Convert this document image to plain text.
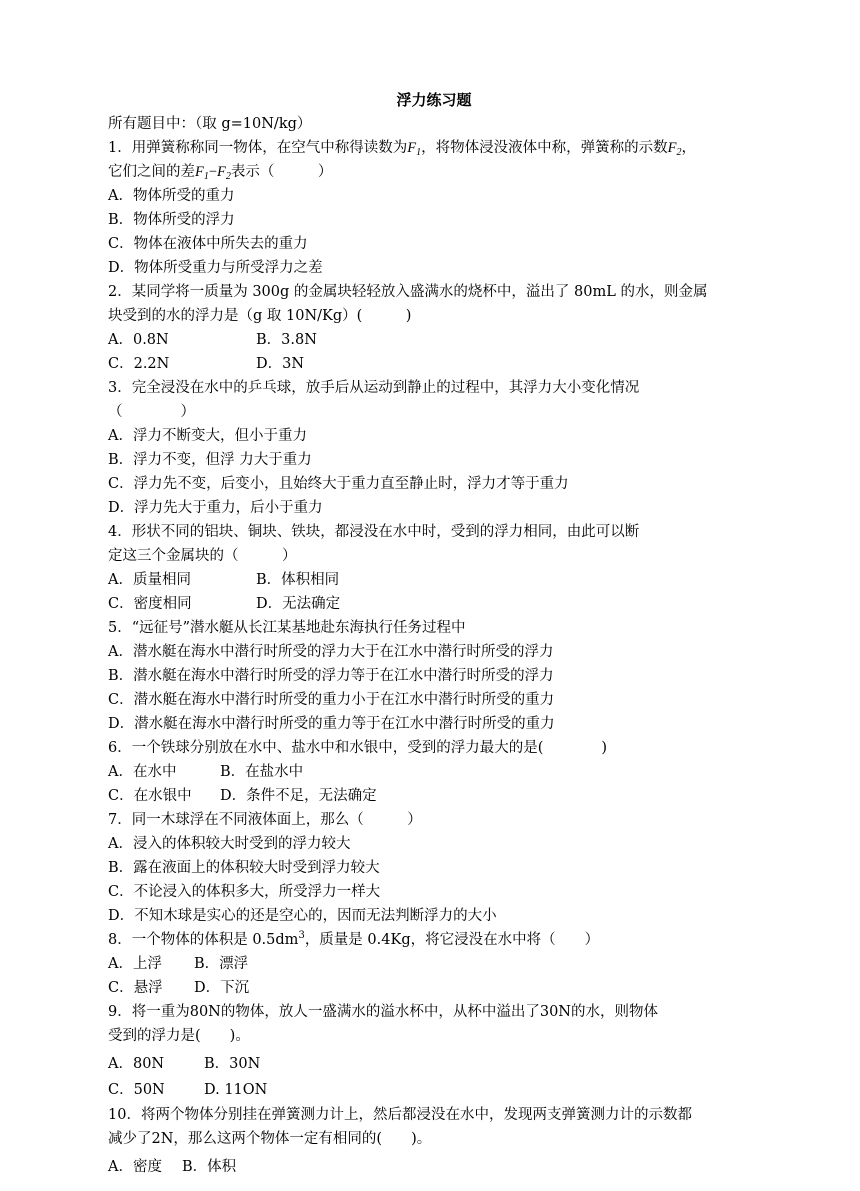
浮力练习题
所有题目中：（取 g=10N/kg）
1．用弹簧称称同一物体，在空气中称得读数为$F_1$，将物体浸没液体中称，弹簧称的示数$F_2$，
它们之间的差$F_1-F_2$表示（　　　）
A．物体所受的重力
B．物体所受的浮力
C．物体在液体中所失去的重力
D．物体所受重力与所受浮力之差
2．某同学将一质量为 300g 的金属块轻轻放入盛满水的烧杯中，溢出了 80mL 的水，则金属
块受到的水的浮力是（g 取 10N/Kg）(　　　)
A．0.8N	B．3.8N
C．2.2N	D．3N
3．完全浸没在水中的乒乓球，放手后从运动到静止的过程中，其浮力大小变化情况
（　　　　）
A．浮力不断变大，但小于重力
B．浮力不变，但浮 力大于重力
C．浮力先不变，后变小，且始终大于重力直至静止时，浮力才等于重力
D．浮力先大于重力，后小于重力
4．形状不同的铝块、铜块、铁块，都浸没在水中时，受到的浮力相同，由此可以断
定这三个金属块的（　　　）
A．质量相同	B．体积相同
C．密度相同	D．无法确定
5．“远征号”潜水艇从长江某基地赴东海执行任务过程中
A．潜水艇在海水中潜行时所受的浮力大于在江水中潜行时所受的浮力
B．潜水艇在海水中潜行时所受的浮力等于在江水中潜行时所受的浮力
C．潜水艇在海水中潜行时所受的重力小于在江水中潜行时所受的重力
D．潜水艇在海水中潜行时所受的重力等于在江水中潜行时所受的重力
6．一个铁球分别放在水中、盐水中和水银中，受到的浮力最大的是(　　　　)
A．在水中	B．在盐水中
C．在水银中 D．条件不足，无法确定
7．同一木球浮在不同液体面上，那么（　　　）
A．浸入的体积较大时受到的浮力较大
B．露在液面上的体积较大时受到浮力较大
C．不论浸入的体积多大，所受浮力一样大
D．不知木球是实心的还是空心的，因而无法判断浮力的大小
8．一个物体的体积是 $0.5dm^3$，质量是 0.4Kg，将它浸没在水中将（　　）
A．上浮 B．漂浮
C．悬浮 D．下沉
9．将一重为80N的物体，放人一盛满水的溢水杯中，从杯中溢出了30N的水，则物体
受到的浮力是(　　)。
A．80N	B．30N
C．50N	D. 11ON
10．将两个物体分别挂在弹簧测力计上，然后都浸没在水中，发现两支弹簧测力计的示数都
减少了2N，那么这两个物体一定有相同的(　　)。
A．密度 B．体积
